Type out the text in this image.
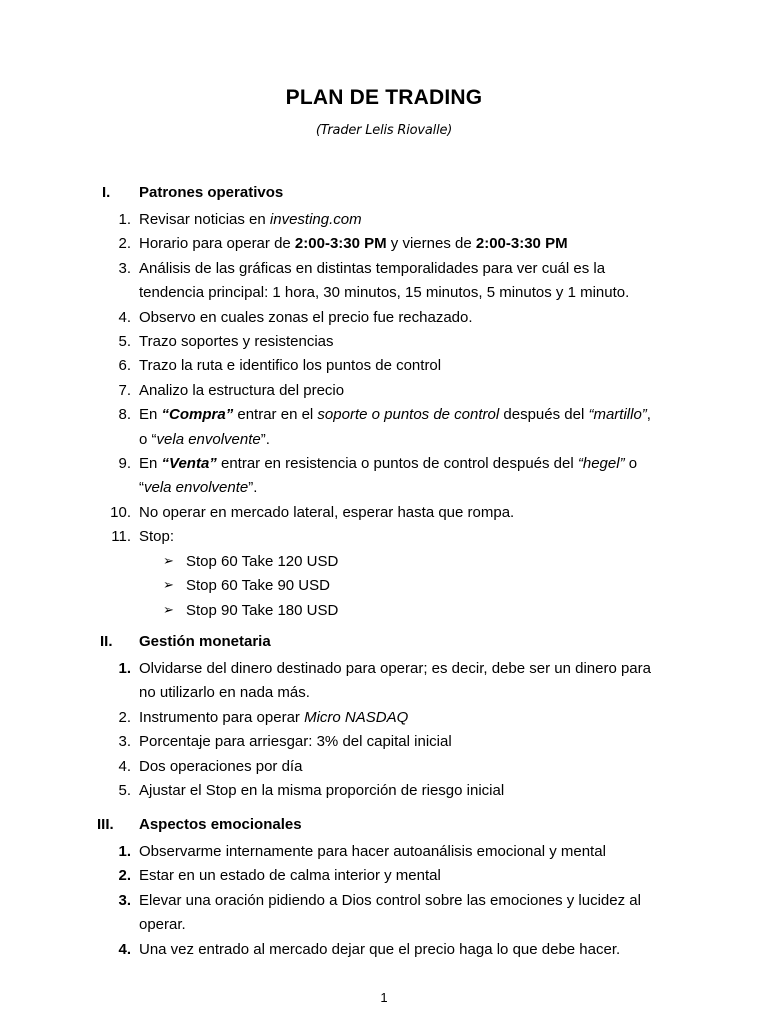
PLAN DE TRADING
(Trader Lelis Riovalle)
I. Patrones operativos
1. Revisar noticias en investing.com
2. Horario para operar de 2:00-3:30 PM y viernes de 2:00-3:30 PM
3. Análisis de las gráficas en distintas temporalidades para ver cuál es la
tendencia principal: 1 hora, 30 minutos, 15 minutos, 5 minutos y 1 minuto.
4. Observo en cuales zonas el precio fue rechazado.
5. Trazo soportes y resistencias
6. Trazo la ruta e identifico los puntos de control
7. Analizo la estructura del precio
8. En “Compra” entrar en el soporte o puntos de control después del “martillo”,
o “vela envolvente”.
9. En “Venta” entrar en resistencia o puntos de control después del “hegel” o
“vela envolvente”.
10. No operar en mercado lateral, esperar hasta que rompa.
11. Stop:
➢ Stop 60 Take 120 USD
➢ Stop 60 Take 90 USD
➢ Stop 90 Take 180 USD
II. Gestión monetaria
1. Olvidarse del dinero destinado para operar; es decir, debe ser un dinero para
no utilizarlo en nada más.
2. Instrumento para operar Micro NASDAQ
3. Porcentaje para arriesgar: 3% del capital inicial
4. Dos operaciones por día
5. Ajustar el Stop en la misma proporción de riesgo inicial
III. Aspectos emocionales
1. Observarme internamente para hacer autoanálisis emocional y mental
2. Estar en un estado de calma interior y mental
3. Elevar una oración pidiendo a Dios control sobre las emociones y lucidez al
operar.
4. Una vez entrado al mercado dejar que el precio haga lo que debe hacer.
1
